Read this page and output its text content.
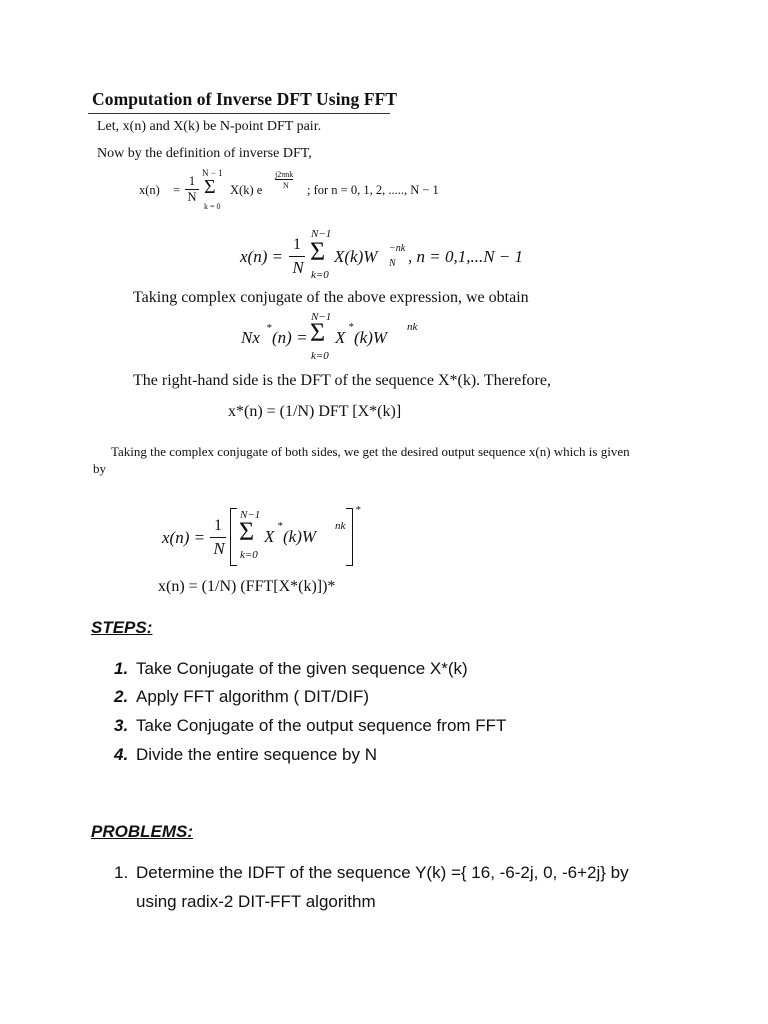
Computation of Inverse DFT Using FFT
Let, x(n) and X(k) be N-point DFT pair.
Now by the definition of inverse DFT,
x(n) =
1
N
N − 1
Σ
k = 0
X(k) e
j2πnk
N ; for n = 0, 1, 2, ....., N − 1
x(n) =
1
N
N−1
Σ
k=0
X(k)W N
−nk , n = 0,1,...N − 1
Taking complex conjugate of the above expression, we obtain
Nx * (n) =
N−1
Σ
k=0
X
*
(k)W
nk
The right-hand side is the DFT of the sequence X*(k). Therefore,
x*(n) = (1/N) DFT [X*(k)]
Taking the complex conjugate of both sides, we get the desired output sequence x(n) which is given
by
x(n) =
1
N
N−1
Σ
k=0
X
*
(k)W
nk
*
x(n) = (1/N) (FFT[X*(k)])*
STEPS:
1. Take Conjugate of the given sequence X*(k)
2. Apply FFT algorithm ( DIT/DIF)
3. Take Conjugate of the output sequence from FFT
4. Divide the entire sequence by N
PROBLEMS:
1. Determine the IDFT of the sequence Y(k) ={ 16, -6-2j, 0, -6+2j} by
using radix-2 DIT-FFT algorithm
